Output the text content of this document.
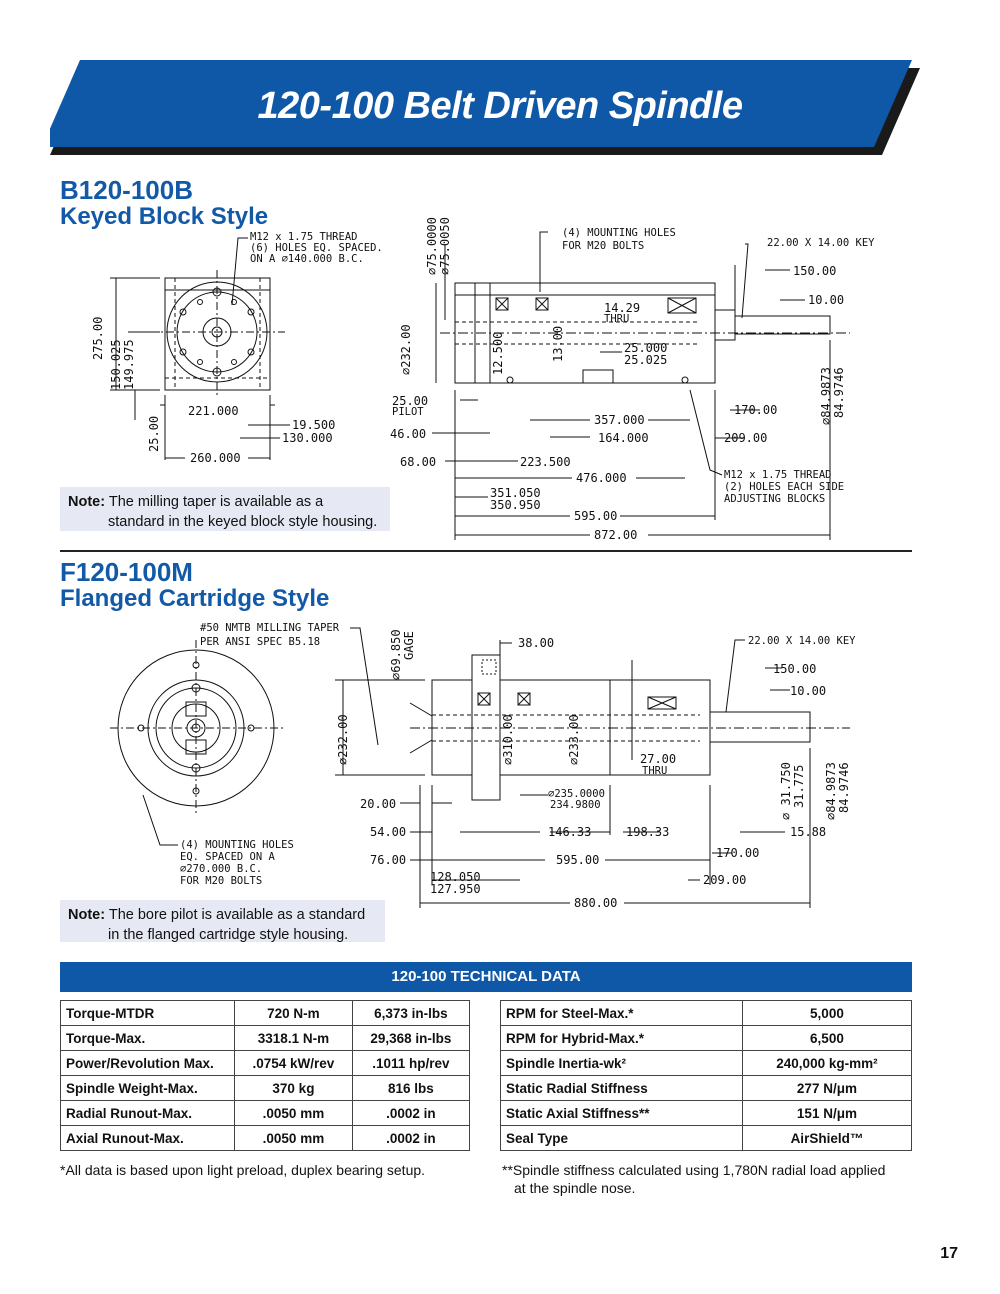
120-100 Belt Driven Spindle
B120-100B
Keyed Block Style
M12 x 1.75 THREAD
(6) HOLES EQ. SPACED.
ON A ⌀140.000 B.C.
275.00
150.025 149.975
25.00
221.000
19.500
130.000
260.000
⌀75.0000 ⌀75.0050	(4) MOUNTING HOLES
FOR M20 BOLTS	22.00 X 14.00 KEY
150.00
10.00
⌀232.00	12.500	13.00
14.29
THRU
25.000
25.025
25.00
PILOT
46.00
68.00
357.000
164.000
223.500
476.000
351.050
350.950
595.00
872.00
170.00
209.00
⌀84.9873 84.9746
M12 x 1.75 THREAD
(2) HOLES EACH SIDE
ADJUSTING BLOCKS
Note: The milling taper is available as a
standard in the keyed block style housing.
F120-100M
Flanged Cartridge Style
#50 NMTB MILLING TAPER
PER ANSI SPEC B5.18	⌀69.850 GAGE	38.00	22.00 X 14.00 KEY
150.00
10.00
⌀232.00	⌀310.00	⌀233.00	27.00
THRU
⌀235.0000
234.9800
20.00
54.00
76.00
146.33	198.33	15.88
595.00	170.00
128.050
127.950
209.00
880.00
⌀ 31.750 31.775 ⌀84.9873 84.9746
(4) MOUNTING HOLES
EQ. SPACED ON A
⌀270.000 B.C.
FOR M20 BOLTS
Note: The bore pilot is available as a standard
in the flanged cartridge style housing.
120-100 TECHNICAL DATA
Torque-MTDR	720 N-m	6,373 in-lbs
Torque-Max.	3318.1 N-m	29,368 in-lbs
Power/Revolution Max.	.0754 kW/rev	.1011 hp/rev
Spindle Weight-Max.	370 kg	816 lbs
Radial Runout-Max.	.0050 mm	.0002 in
Axial Runout-Max.	.0050 mm	.0002 in
RPM for Steel-Max.*	5,000
RPM for Hybrid-Max.*	6,500
Spindle Inertia-wk²	240,000 kg-mm²
Static Radial Stiffness	277 N/μm
Static Axial Stiffness**	151 N/μm
Seal Type	AirShield™
*All data is based upon light preload, duplex bearing setup.	**Spindle stiffness calculated using 1,780N radial load applied
at the spindle nose.
17
